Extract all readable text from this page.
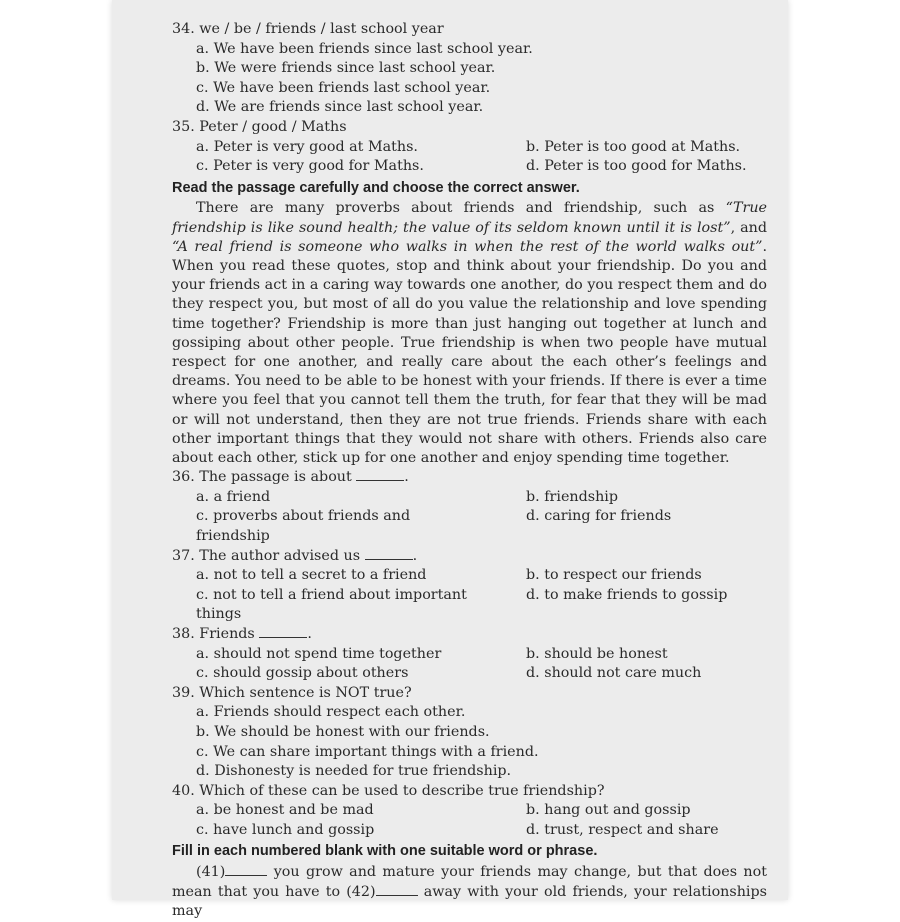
34. we / be / friends / last school year
a. We have been friends since last school year.
b. We were friends since last school year.
c. We have been friends last school year.
d. We are friends since last school year.
35. Peter / good / Maths
a. Peter is very good at Maths.	b. Peter is too good at Maths.
c. Peter is very good for Maths.	d. Peter is too good for Maths.
Read the passage carefully and choose the correct answer.
There are many proverbs about friends and friendship, such as “True friendship is like sound health; the value of its seldom known until it is lost”, and “A real friend is someone who walks in when the rest of the world walks out”. When you read these quotes, stop and think about your friendship. Do you and your friends act in a caring way towards one another, do you respect them and do they respect you, but most of all do you value the relationship and love spending time together? Friendship is more than just hanging out together at lunch and gossiping about other people. True friendship is when two people have mutual respect for one another, and really care about the each other’s feelings and dreams. You need to be able to be honest with your friends. If there is ever a time where you feel that you cannot tell them the truth, for fear that they will be mad or will not understand, then they are not true friends. Friends share with each other important things that they would not share with others. Friends also care about each other, stick up for one another and enjoy spending time together.
36. The passage is about	.
a. a friend	b. friendship
c. proverbs about friends and friendship
d. caring for friends
37. The author advised us	.
a. not to tell a secret to a friend	b. to respect our friends
c. not to tell a friend about important things
d. to make friends to gossip
38. Friends	.
a. should not spend time together	b. should be honest
c. should gossip about others	d. should not care much
39. Which sentence is NOT true?
a. Friends should respect each other.
b. We should be honest with our friends.
c. We can share important things with a friend.
d. Dishonesty is needed for true friendship.
40. Which of these can be used to describe true friendship?
a. be honest and be mad	b. hang out and gossip
c. have lunch and gossip	d. trust, respect and share
Fill in each numbered blank with one suitable word or phrase.
(41)	you grow and mature your friends may change, but that does not mean that you have to (42)	away with your old friends, your relationships may
